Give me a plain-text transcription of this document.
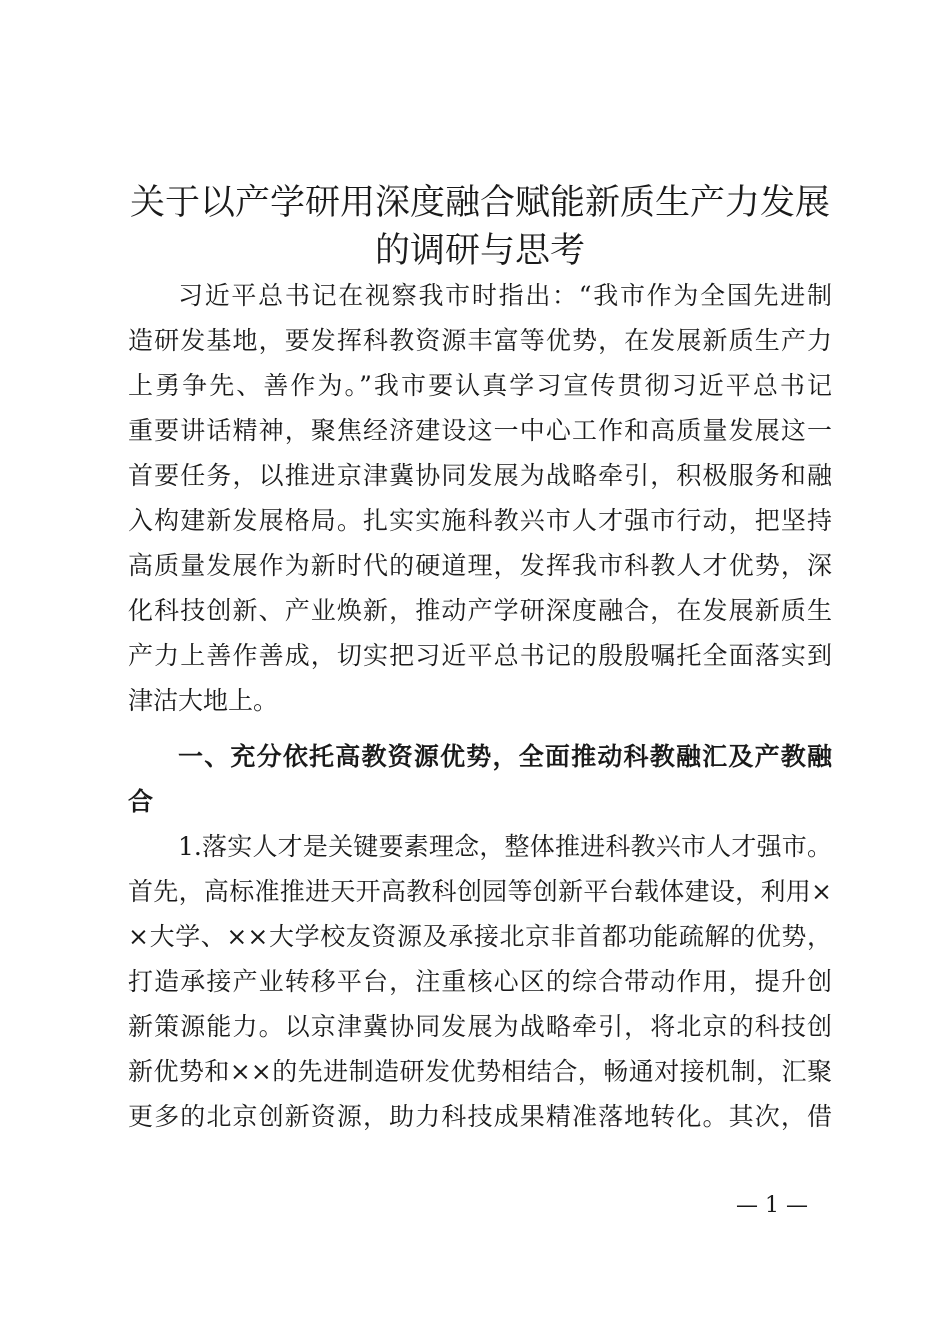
关于以产学研用深度融合赋能新质生产力发展
的调研与思考
习近平总书记在视察我市时指出：“我市作为全国先进制
造研发基地，要发挥科教资源丰富等优势，在发展新质生产力
上勇争先、善作为。”我市要认真学习宣传贯彻习近平总书记
重要讲话精神，聚焦经济建设这一中心工作和高质量发展这一
首要任务，以推进京津冀协同发展为战略牵引，积极服务和融
入构建新发展格局。扎实实施科教兴市人才强市行动，把坚持
高质量发展作为新时代的硬道理，发挥我市科教人才优势，深
化科技创新、产业焕新，推动产学研深度融合，在发展新质生
产力上善作善成，切实把习近平总书记的殷殷嘱托全面落实到
津沽大地上。
一、充分依托高教资源优势，全面推动科教融汇及产教融
合
1.落实人才是关键要素理念，整体推进科教兴市人才强市。
首先，高标准推进天开高教科创园等创新平台载体建设，利用×
×大学、××大学校友资源及承接北京非首都功能疏解的优势，
打造承接产业转移平台，注重核心区的综合带动作用，提升创
新策源能力。以京津冀协同发展为战略牵引，将北京的科技创
新优势和××的先进制造研发优势相结合，畅通对接机制，汇聚
更多的北京创新资源，助力科技成果精准落地转化。其次，借
— 1 —
